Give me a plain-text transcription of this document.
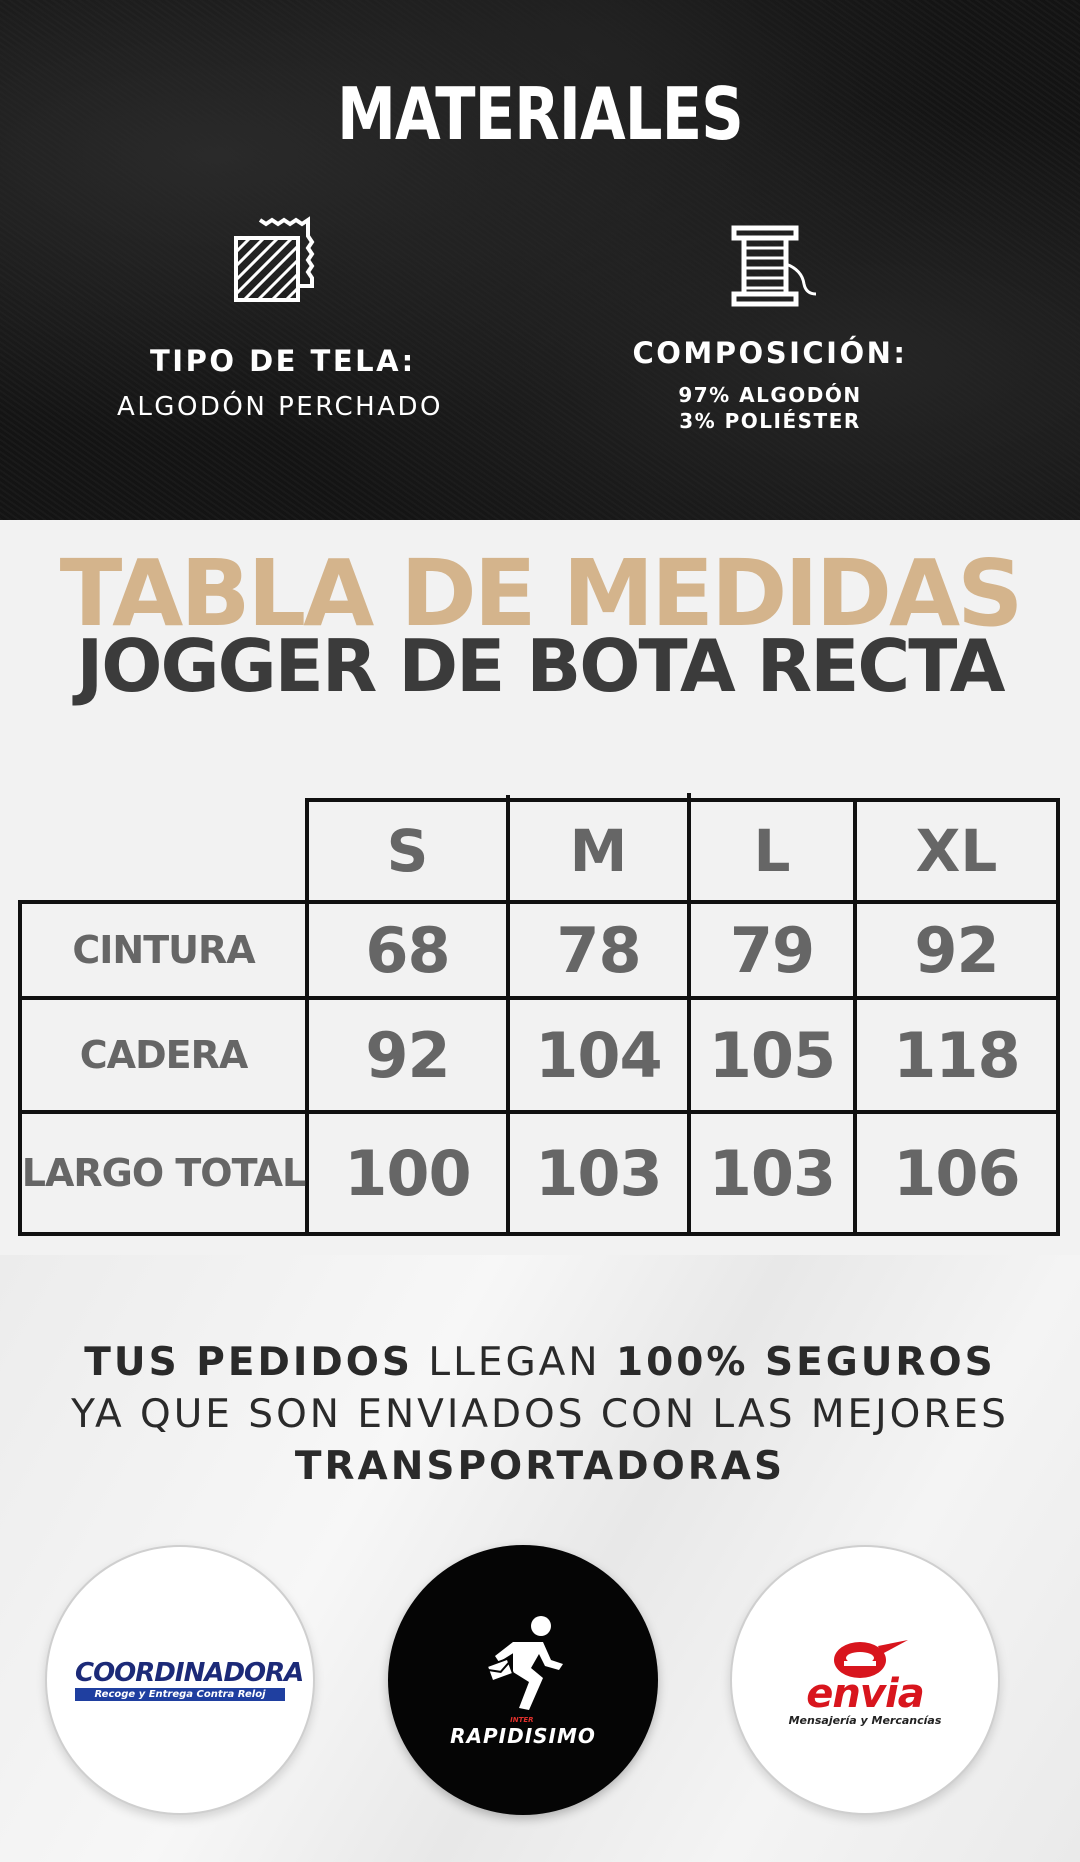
MATERIALES
TIPO DE TELA:
ALGODÓN PERCHADO
COMPOSICIÓN:
97% ALGODÓN
3% POLIÉSTER
TABLA DE MEDIDAS
JOGGER DE BOTA RECTA
S	M	L	XL
CINTURA	68	78	79	92
CADERA	92	104 105 118
LARGO TOTAL 100	103 103 106
TUS PEDIDOS LLEGAN 100% SEGUROS
YA QUE SON ENVIADOS CON LAS MEJORES
TRANSPORTADORAS
COORDINADORA
Recoge y Entrega Contra Reloj
INTER
RAPIDISIMO
envia
Mensajería y Mercancías
